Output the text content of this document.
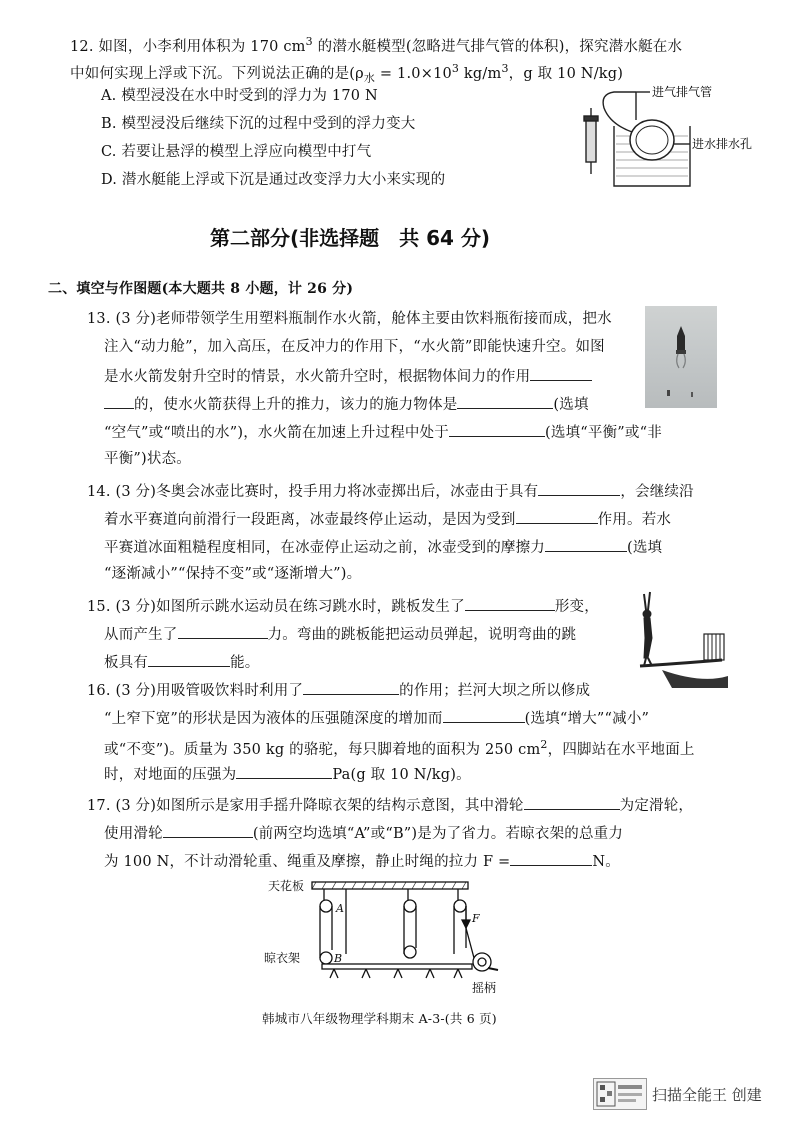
12. 如图，小李利用体积为 170 $cm^3$ 的潜水艇模型(忽略进气排气管的体积)，探究潜水艇在水
中如何实现上浮或下沉。下列说法正确的是($\rho_水 = 1.0\times 10^3$ $kg/m^3$，g 取 10 N/kg)
A. 模型浸没在水中时受到的浮力为 170 N
B. 模型浸没后继续下沉的过程中受到的浮力变大
C. 若要让悬浮的模型上浮应向模型中打气
D. 潜水艇能上浮或下沉是通过改变浮力大小来实现的
进气排气管
进水排水孔
第二部分(非选择题　共 64 分)
二、填空与作图题(本大题共 8 小题，计 26 分)
13. (3 分)老师带领学生用塑料瓶制作水火箭，舱体主要由饮料瓶衔接而成，把水
注入“动力舱”，加入高压，在反冲力的作用下，“水火箭”即能快速升空。如图
是水火箭发射升空时的情景，水火箭升空时，根据物体间力的作用
的，使水火箭获得上升的推力，该力的施力物体是	(选填
“空气”或“喷出的水”)，水火箭在加速上升过程中处于	(选填“平衡”或“非
平衡”)状态。
14. (3 分)冬奥会冰壶比赛时，投手用力将冰壶掷出后，冰壶由于具有	，会继续沿
着水平赛道向前滑行一段距离，冰壶最终停止运动，是因为受到	作用。若水
平赛道冰面粗糙程度相同，在冰壶停止运动之前，冰壶受到的摩擦力	(选填
“逐渐减小”“保持不变”或“逐渐增大”)。
15. (3 分)如图所示跳水运动员在练习跳水时，跳板发生了	形变，
从而产生了	力。弯曲的跳板能把运动员弹起，说明弯曲的跳
板具有	能。
16. (3 分)用吸管吸饮料时利用了	的作用；拦河大坝之所以修成
“上窄下宽”的形状是因为液体的压强随深度的增加而	(选填“增大”“减小”
或“不变”)。质量为 350 kg 的骆驼，每只脚着地的面积为 250 $cm^2$，四脚站在水平地面上
时，对地面的压强为	Pa(g 取 10 N/kg)。
17. (3 分)如图所示是家用手摇升降晾衣架的结构示意图，其中滑轮	为定滑轮，
使用滑轮	(前两空均选填“A”或“B”)是为了省力。若晾衣架的总重力
为 100 N，不计动滑轮重、绳重及摩擦，静止时绳的拉力 F =	N。
天花板
A
F
晾衣架	B
摇柄
韩城市八年级物理学科期末 A-3-(共 6 页)
扫描全能王 创建
